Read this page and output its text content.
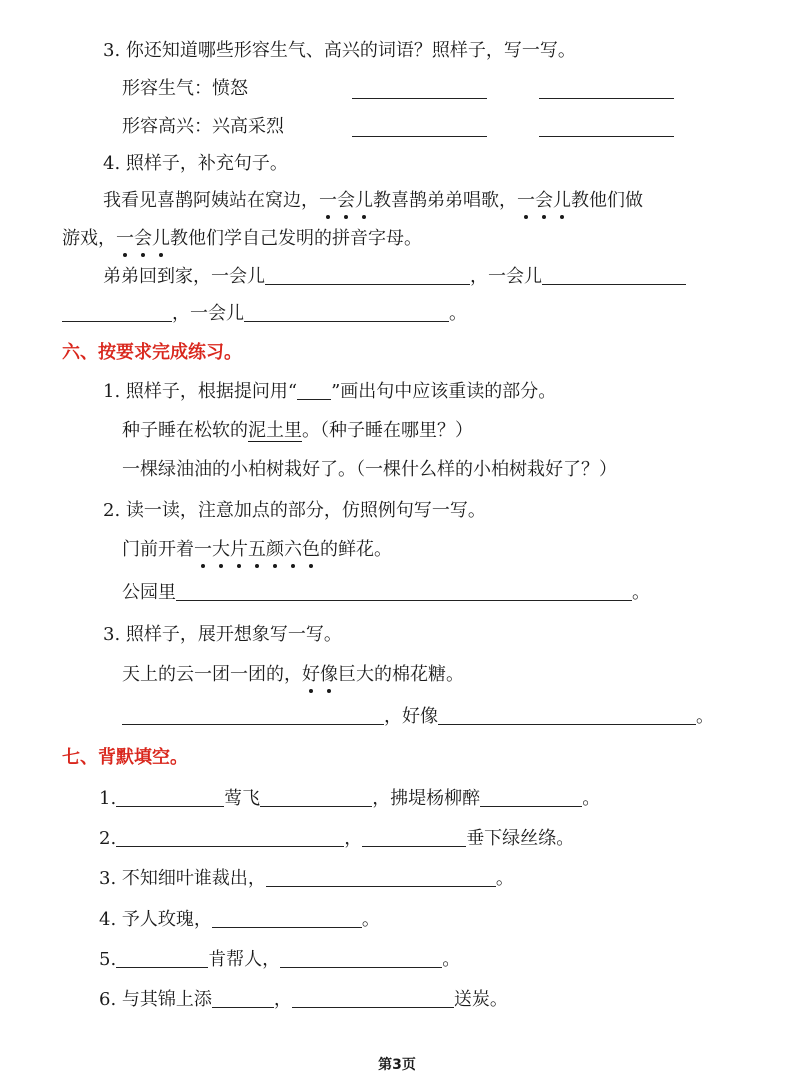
3. 你还知道哪些形容生气、高兴的词语？照样子，写一写。
形容生气：愤怒
形容高兴：兴高采烈
4. 照样子，补充句子。
我看见喜鹊阿姨站在窝边，一会儿教喜鹊弟弟唱歌，一会儿教他们做
游戏，一会儿教他们学自己发明的拼音字母。
弟弟回到家，一会儿	，一会儿
，一会儿	。
六、按要求完成练习。
1. 照样子，根据提问用“ ”画出句中应该重读的部分。
种子睡在松软的泥土里。（种子睡在哪里？）
一棵绿油油的小柏树栽好了。（一棵什么样的小柏树栽好了？）
2. 读一读，注意加点的部分，仿照例句写一写。
门前开着一大片五颜六色的鲜花。
公园里	。
3. 照样子，展开想象写一写。
天上的云一团一团的，好像巨大的棉花糖。
，好像	。
七、背默填空。
1.	莺飞	，拂堤杨柳醉	。
2.	，	垂下绿丝绦。
3. 不知细叶谁裁出，	。
4. 予人玫瑰，	。
5.	肯帮人，	。
6. 与其锦上添	，	送炭。
第3页
